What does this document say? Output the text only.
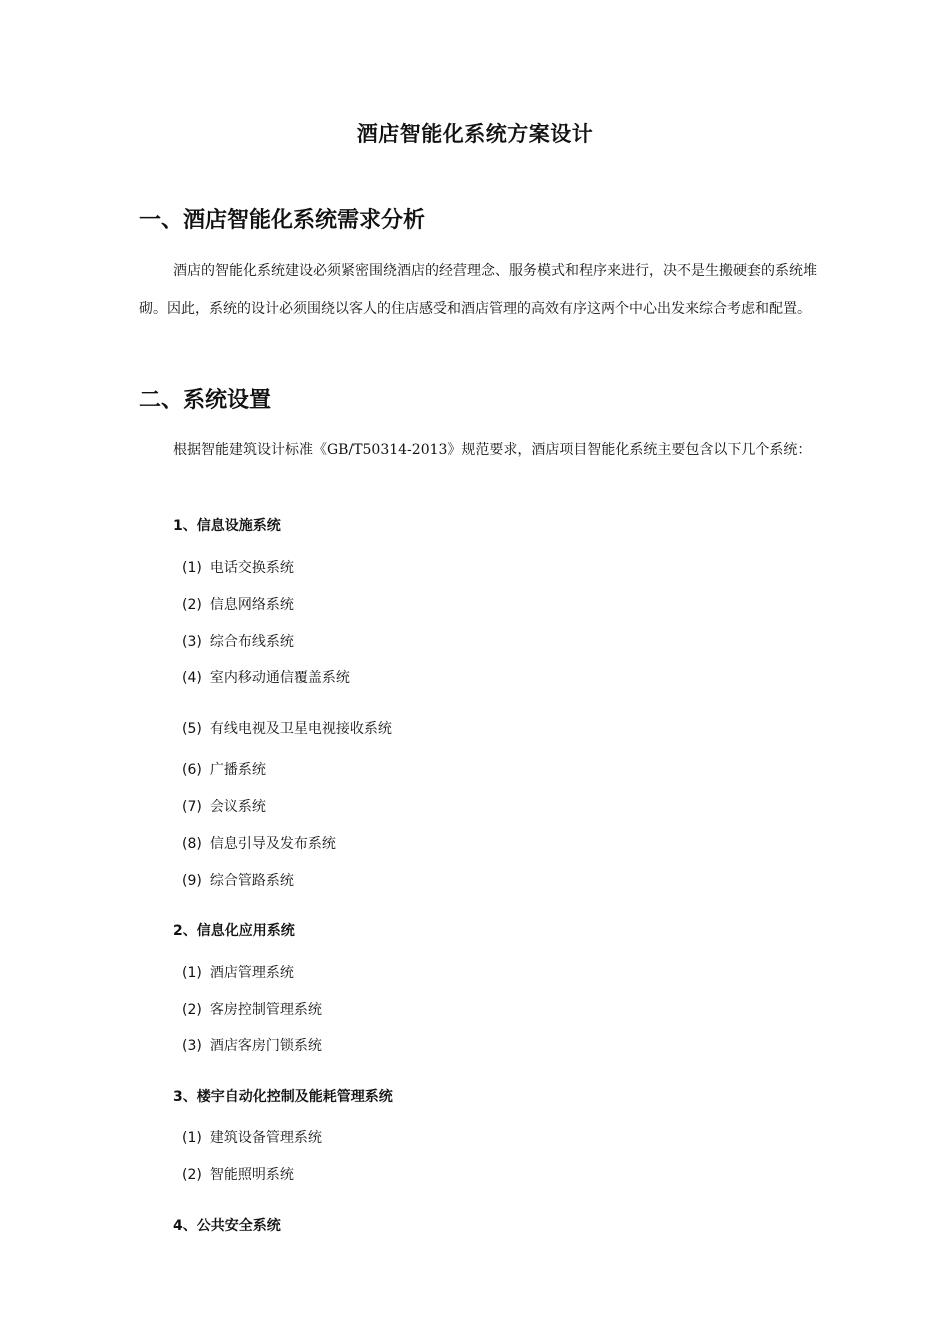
酒店智能化系统方案设计
一、酒店智能化系统需求分析
酒店的智能化系统建设必须紧密围绕酒店的经营理念、服务模式和程序来进行，决不是生搬硬套的系统堆砌。因此，系统的设计必须围绕以客人的住店感受和酒店管理的高效有序这两个中心出发来综合考虑和配置。
二、系统设置
根据智能建筑设计标准《GB/T50314-2013》规范要求，酒店项目智能化系统主要包含以下几个系统：
1、信息设施系统
(1) 电话交换系统
(2) 信息网络系统
(3) 综合布线系统
(4) 室内移动通信覆盖系统
(5) 有线电视及卫星电视接收系统
(6) 广播系统
(7) 会议系统
(8) 信息引导及发布系统
(9) 综合管路系统
2、信息化应用系统
(1) 酒店管理系统
(2) 客房控制管理系统
(3) 酒店客房门锁系统
3、楼宇自动化控制及能耗管理系统
(1) 建筑设备管理系统
(2) 智能照明系统
4、公共安全系统
